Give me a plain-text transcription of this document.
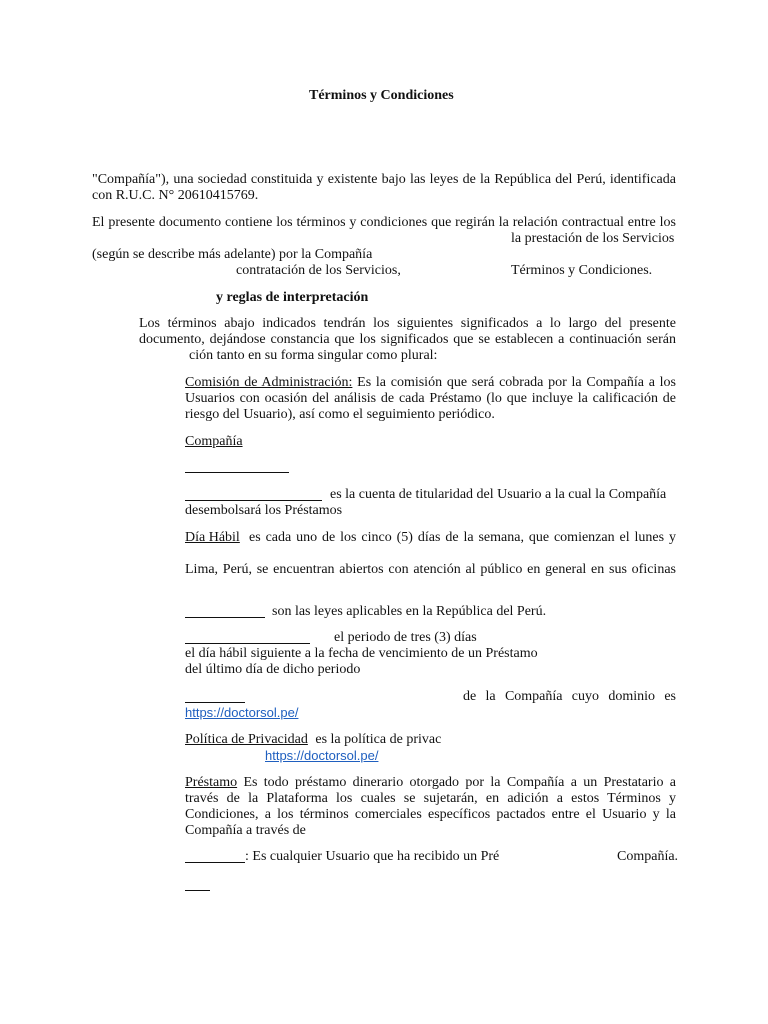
Términos y Condiciones
"Compañía"), una sociedad constituida y existente bajo las leyes de la República del Perú, identificada
con R.U.C. N° 20610415769.
El presente documento contiene los términos y condiciones que regirán la relación contractual entre los
la prestación de los Servicios
(según se describe más adelante) por la Compañía
contratación de los Servicios,	Términos y Condiciones.
y reglas de interpretación
Los términos abajo indicados tendrán los siguientes significados a lo largo del presente
documento, dejándose constancia que los significados que se establecen a continuación serán
ción tanto en su forma singular como plural:
Comisión de Administración: Es la comisión que será cobrada por la Compañía a los
Usuarios con ocasión del análisis de cada Préstamo (lo que incluye la calificación de
riesgo del Usuario), así como el seguimiento periódico.
Compañía
es la cuenta de titularidad del Usuario a la cual la Compañía
desembolsará los Préstamos
Día Hábil es cada uno de los cinco (5) días de la semana, que comienzan el lunes y
Lima, Perú, se encuentran abiertos con atención al público en general en sus oficinas
son las leyes aplicables en la República del Perú.
el periodo de tres (3) días
el día hábil siguiente a la fecha de vencimiento de un Préstamo
del último día de dicho periodo
de la Compañía cuyo dominio es
https://doctorsol.pe/
Política de Privacidad es la política de privac
https://doctorsol.pe/
Préstamo Es todo préstamo dinerario otorgado por la Compañía a un Prestatario a
través de la Plataforma los cuales se sujetarán, en adición a estos Términos y
Condiciones, a los términos comerciales específicos pactados entre el Usuario y la
Compañía a través de
: Es cualquier Usuario que ha recibido un Pré	Compañía.
